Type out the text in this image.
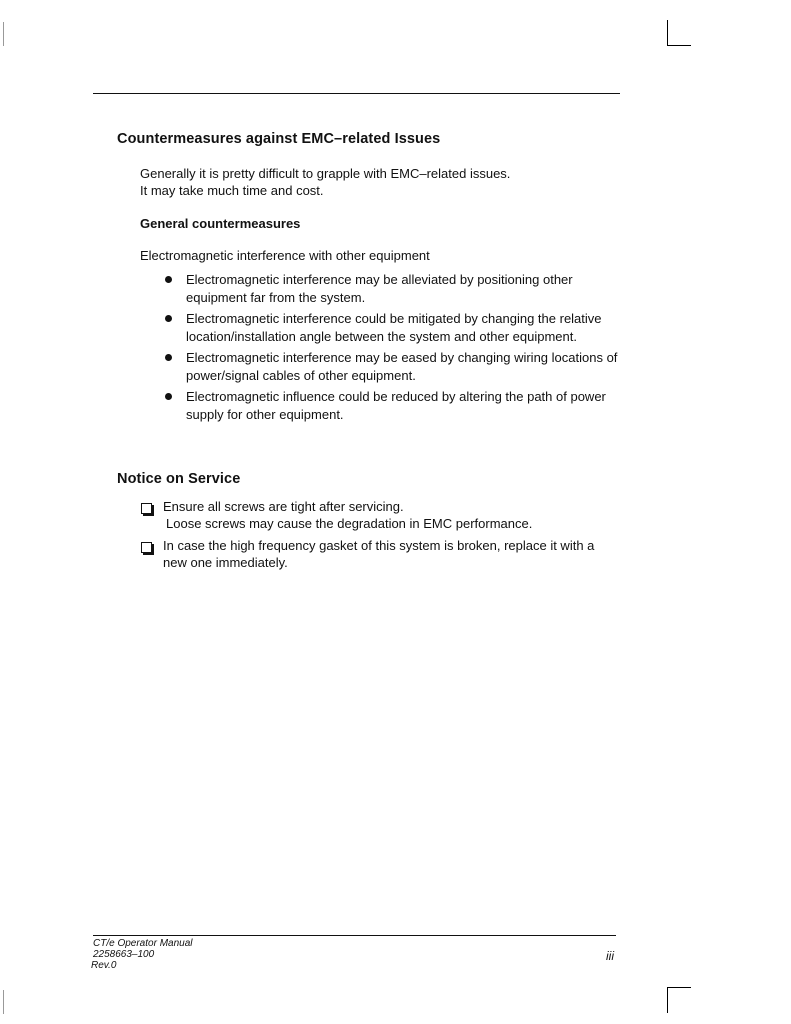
Countermeasures against EMC–related Issues

Generally it is pretty difficult to grapple with EMC–related issues.
It may take much time and cost.

General countermeasures

Electromagnetic interference with other equipment

Electromagnetic interference may be alleviated by positioning other equipment far from the system.
Electromagnetic interference could be mitigated by changing the relative location/installation angle between the system and other equipment.
Electromagnetic interference may be eased by changing wiring locations of power/signal cables of other equipment.
Electromagnetic influence could be reduced by altering the path of power supply for other equipment.
Notice on Service
Ensure all screws are tight after servicing.
Loose screws may cause the degradation in EMC performance.
In case the high frequency gasket of this system is broken, replace it with a new one immediately.
CT/e Operator Manual
2258663–100
Rev.0
iii
